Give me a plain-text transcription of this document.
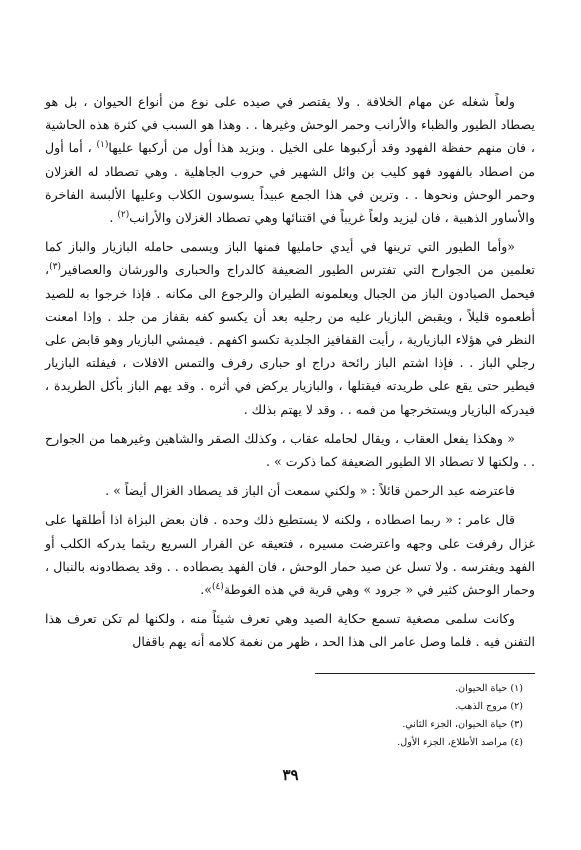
ولعاً شغله عن مهام الخلافة . ولا يقتصر في صيده على نوع من أنواع الحيوان ، بل هو يصطاد الطيور والظباء والأرانب وحمر الوحش وغيرها . . وهذا هو السبب في كثرة هذه الحاشية ، فان منهم حفظة الفهود وقد أركبوها على الخيل . وبزيد هذا أول من أركبها عليها$^{(١)}$ ، أما أول من اصطاد بالفهود فهو كليب بن وائل الشهير في حروب الجاهلية . وهي تصطاد له الغزلان وحمر الوحش ونحوها . . وترين في هذا الجمع عبيداً يسوسون الكلاب وعليها الألبسة الفاخرة والأساور الذهبية ، فان ليزيد ولعاً غريباً في اقتنائها وهي تصطاد الغزلان والأرانب$^{(٢)}$ .

«وأما الطيور التي ترينها في أيدي حامليها فمنها الباز ويسمى حامله البازيار والباز كما تعلمين من الجوارح التي تفترس الطيور الضعيفة كالدراج والحبارى والورشان والعصافير$^{(٣)}$، فيحمل الصيادون الباز من الجبال ويعلمونه الطيران والرجوع الى مكانه . فإذا خرجوا به للصيد أطعموه قليلاً ، ويقبض البازيار عليه من رجليه بعد أن يكسو كفه بقفاز من جلد . وإذا امعنت النظر في هؤلاء البازيارية ، رأيت القفافيز الجلدية تكسو اكفهم . فيمشي البازيار وهو قابض على رجلي الباز . . فإذا اشتم الباز رائحة دراج او حبارى رفرف والتمس الافلات ، فيفلته البازيار فيطير حتى يقع على طريدته فيقتلها ، والبازيار يركض في أثره . وقد يهم الباز بأكل الطريدة ، فيدركه البازيار ويستخرجها من فمه . . وقد لا يهتم بذلك .

« وهكذا يفعل العقاب ، ويقال لحامله عقاب ، وكذلك الصقر والشاهين وغيرهما من الجوارح . . ولكنها لا تصطاد الا الطيور الضعيفة كما ذكرت » .

فاعترضه عبد الرحمن قائلاً : « ولكني سمعت أن الباز قد يصطاد الغزال أيضاً » .

قال عامر : « ربما اصطاده ، ولكنه لا يستطيع ذلك وحده . فان بعض البزاة اذا أطلقها على غزال رفرفت على وجهه واعترضت مسيره ، فتعيقه عن الفرار السريع ريثما يدركه الكلب أو الفهد ويفترسه . ولا تسل عن صيد حمار الوحش ، فان الفهد يصطاده . . وقد يصطادونه بالنبال ، وحمار الوحش كثير في « جرود » وهي قرية في هذه الغوطة$^{(٤)}$».

وكانت سلمى مصغية تسمع حكاية الصيد وهي تعرف شيئاً منه ، ولكنها لم تكن تعرف هذا التفنن فيه . فلما وصل عامر الى هذا الحد ، ظهر من نغمة كلامه أنه يهم باقفال

(١) حياة الحيوان.
(٢) مروج الذهب.
(٣) حياة الحيوان، الجزء الثاني.
(٤) مراصد الأطلاع، الجزء الأول.
٣٩
